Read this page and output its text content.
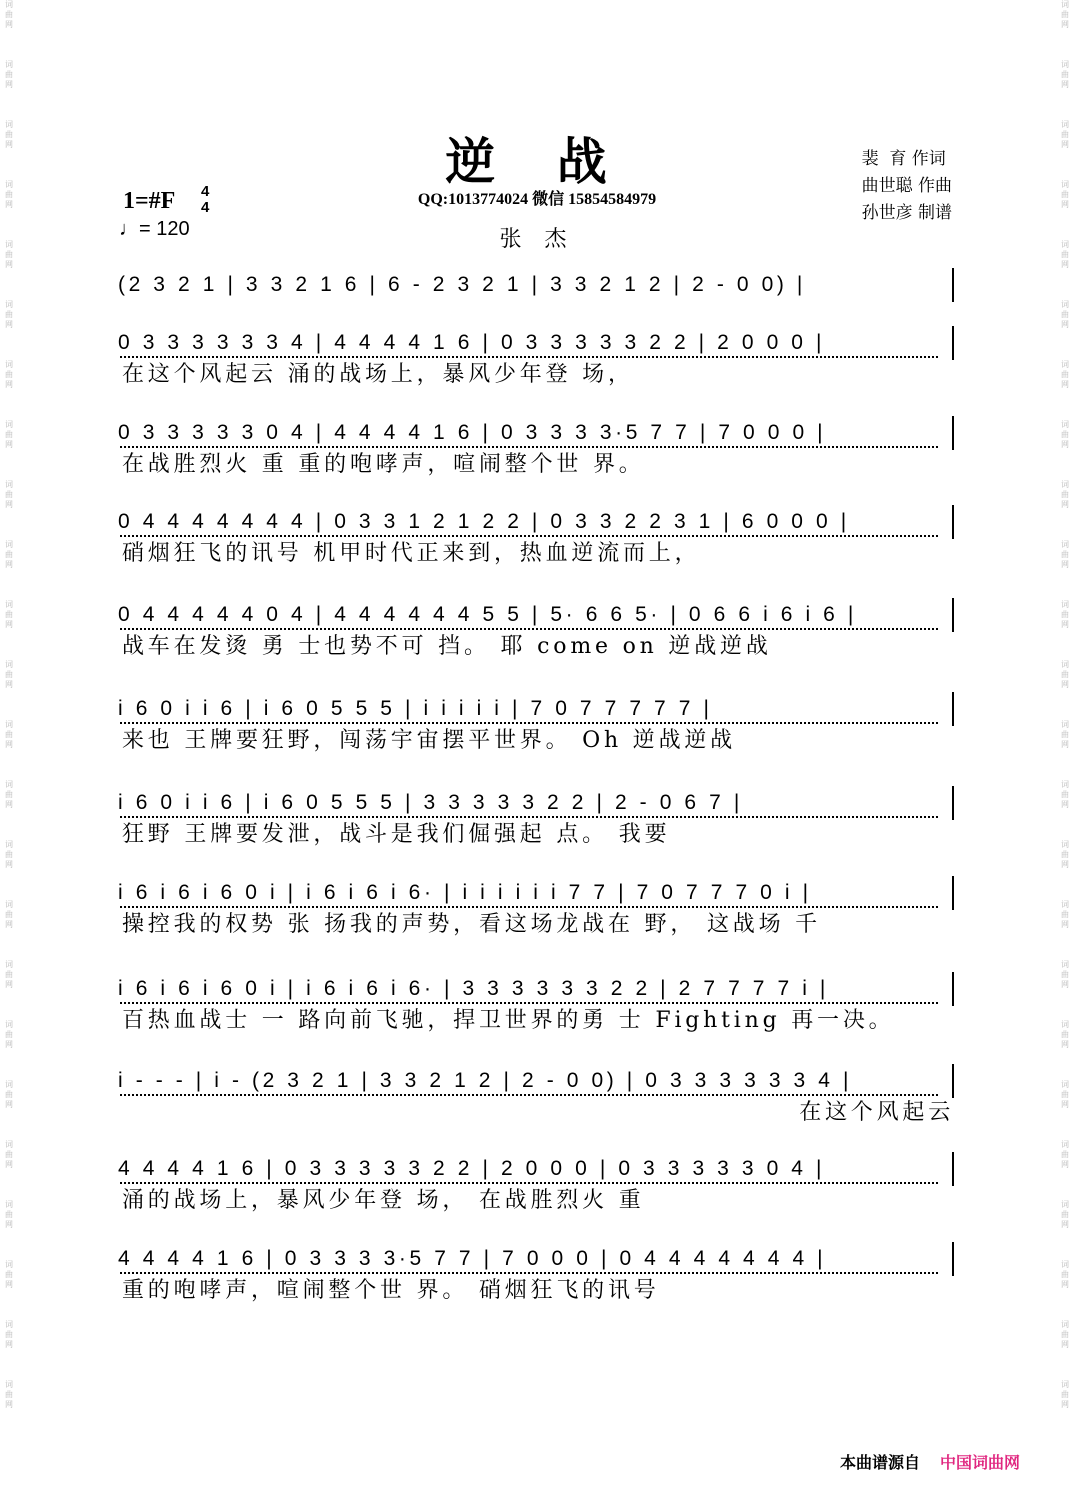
词曲网
词曲网
词曲网
词曲网
词曲网
词曲网
词曲网
词曲网
词曲网
词曲网
词曲网
词曲网
词曲网
词曲网
词曲网
词曲网
词曲网
词曲网
词曲网
词曲网
词曲网
词曲网
词曲网
词曲网
词曲网
词曲网
词曲网
词曲网
词曲网
词曲网
词曲网
词曲网
词曲网
词曲网
词曲网
词曲网
词曲网
词曲网
词曲网
词曲网
词曲网
词曲网
词曲网
词曲网
词曲网
词曲网
词曲网
词曲网
逆 战
QQ:1013774024 微信 15854584979
张 杰
裴  育 作词
曲世聪 作曲
孙世彦 制谱
1=#F 4
4
♩= 120
(2 3 2 1 | 3 3 2 1 6 | 6 - 2 3 2 1 | 3 3 2 1 2 | 2 - 0 0) |
0 3 3 3 3 3 3 4 | 4 4 4 4 1 6 | 0 3 3 3 3 3 2 2 | 2 0 0 0 |
在这个风起云 涌的战场上，暴风少年登 场，
0 3 3 3 3 3 0 4 | 4 4 4 4 1 6 | 0 3 3 3 3·5 7 7 | 7 0 0 0 |
在战胜烈火 重 重的咆哮声，喧闹整个世 界。
0 4 4 4 4 4 4 4 | 0 3 3 1 2 1 2 2 | 0 3 3 2 2 3 1 | 6 0 0 0 |
硝烟狂飞的讯号 机甲时代正来到，热血逆流而上，
0 4 4 4 4 4 0 4 | 4 4 4 4 4 4 5 5 | 5· 6 6 5· | 0 6 6 i 6 i 6 |
战车在发烫 勇 士也势不可 挡。 耶 come on 逆战逆战
i 6 0 i i 6 | i 6 0 5 5 5 | i i i i i | 7 0 7 7 7 7 7 |
来也 王牌要狂野，闯荡宇宙摆平世界。 Oh 逆战逆战
i 6 0 i i 6 | i 6 0 5 5 5 | 3 3 3 3 3 2 2 | 2 - 0 6 7 |
狂野 王牌要发泄，战斗是我们倔强起 点。 我要
i 6 i 6 i 6 0 i | i 6 i 6 i 6· | i i i i i i 7 7 | 7 0 7 7 7 0 i |
操控我的权势 张 扬我的声势，看这场龙战在 野， 这战场 千
i 6 i 6 i 6 0 i | i 6 i 6 i 6· | 3 3 3 3 3 3 2 2 | 2 7 7 7 7 i |
百热血战士 一 路向前飞驰，捍卫世界的勇 士 Fighting 再一决。
i - - - | i - (2 3 2 1 | 3 3 2 1 2 | 2 - 0 0) | 0 3 3 3 3 3 3 4 |
在这个风起云
4 4 4 4 1 6 | 0 3 3 3 3 3 2 2 | 2 0 0 0 | 0 3 3 3 3 3 0 4 |
涌的战场上，暴风少年登 场， 在战胜烈火 重
4 4 4 4 1 6 | 0 3 3 3 3·5 7 7 | 7 0 0 0 | 0 4 4 4 4 4 4 4 |
重的咆哮声，喧闹整个世 界。 硝烟狂飞的讯号
本曲谱源自 中国词曲网
